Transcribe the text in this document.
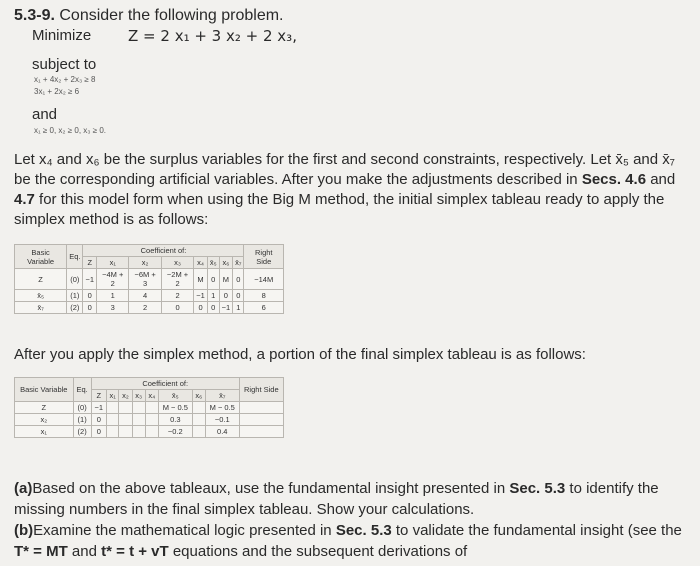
5.3-9. Consider the following problem.
Minimize Z = 2 x₁ + 3 x₂ + 2 x₃,
subject to
x₁ + 4x₂ + 2x₃ ≥ 8
3x₁ + 2x₂ ≥ 6
and
x₁ ≥ 0, x₂ ≥ 0, x₃ ≥ 0.
Let x₄ and x₆ be the surplus variables for the first and second constraints, respectively. Let x̄₅ and x̄₇ be the corresponding artificial variables. After you make the adjustments described in Secs. 4.6 and 4.7 for this model form when using the Big M method, the initial simplex tableau ready to apply the simplex method is as follows:
Basic Variable	Eq.	Coefficient of:								Right Side
		Z	x₁	x₂	x₃	x₄	x̄₅	x₆	x̄₇	
Z	(0)	−1	−4M + 2	−6M + 3	−2M + 2	M	0	M	0	−14M
x̄₅	(1)	0	1	4	2	−1	1	0	0	8
x̄₇	(2)	0	3	2	0	0	0	−1	1	6
After you apply the simplex method, a portion of the final simplex tableau is as follows:
Basic Variable	Eq.	Coefficient of:								Right Side
		Z	x₁	x₂	x₃	x₄	x̄₅	x₆	x̄₇	
Z	(0)	−1					M − 0.5		M − 0.5	
x₂	(1)	0					0.3		−0.1	
x₁	(2)	0					−0.2		0.4	
(a)Based on the above tableaux, use the fundamental insight presented in Sec. 5.3 to identify the missing numbers in the final simplex tableau. Show your calculations.
(b)Examine the mathematical logic presented in Sec. 5.3 to validate the fundamental insight (see the T* = MT and t* = t + vT equations and the subsequent derivations of
